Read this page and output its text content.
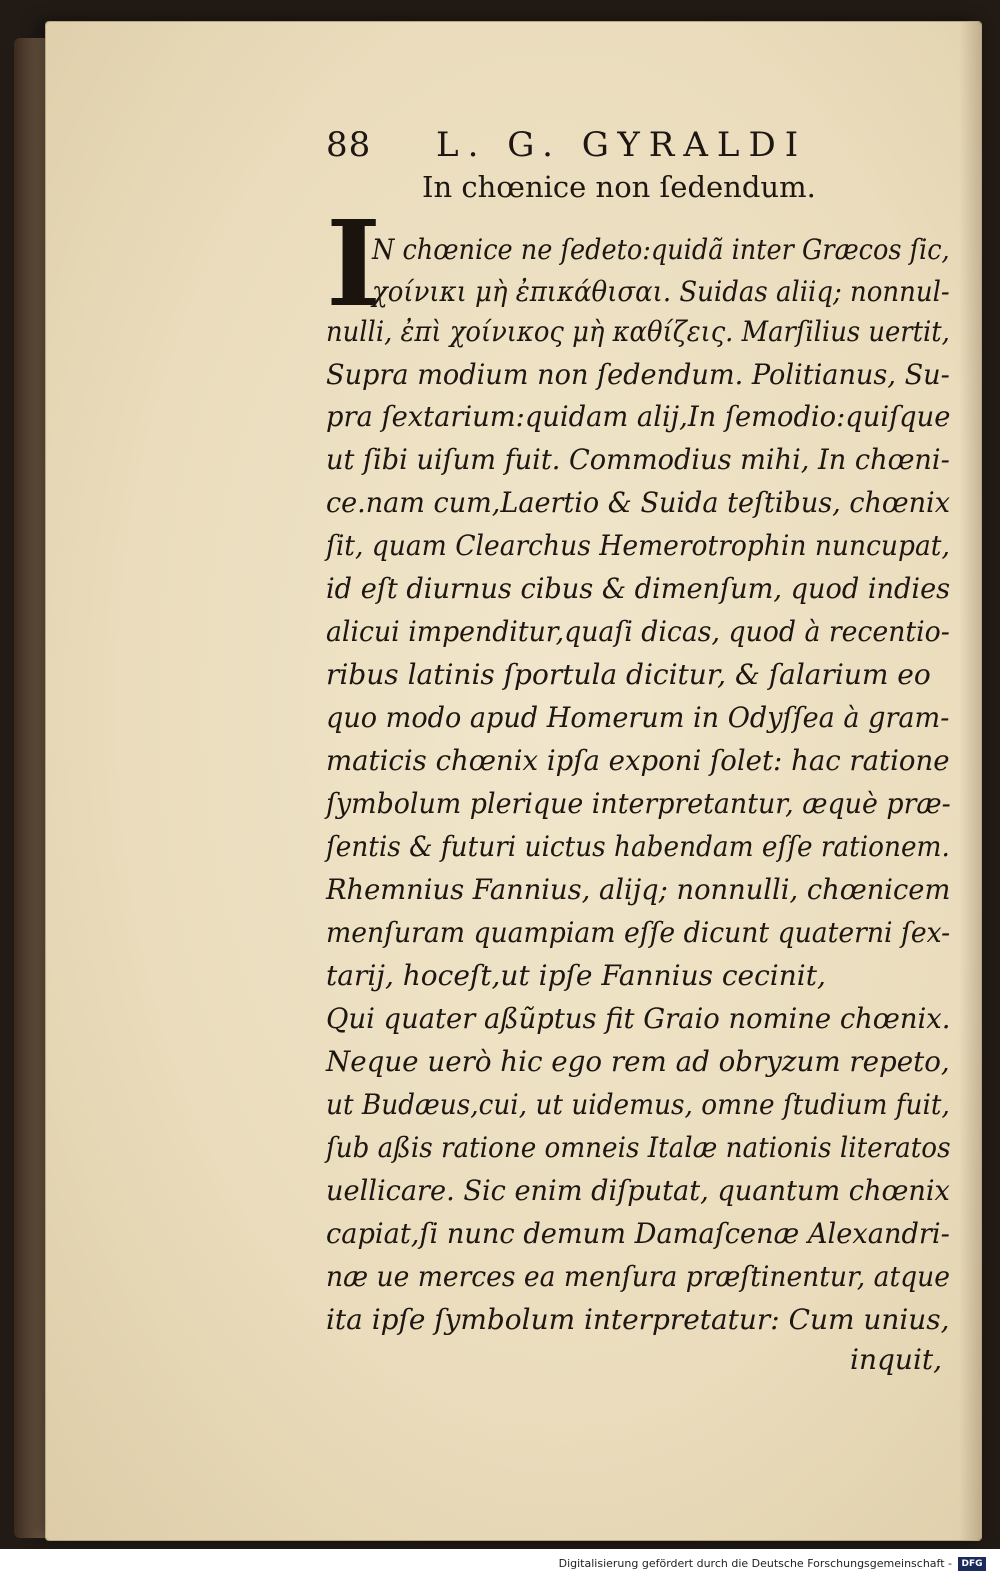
88 L. G. GYRALDI
In chœnice non ſedendum.
I
N chœnice ne ſedeto:quidã inter Græcos ſic,
χοίνικι μὴ ἐπικάθισαι. Suidas aliiq; nonnul-
nulli, ἐπὶ χοίνικος μὴ καθίζεις. Marſilius uertit,
Supra modium non ſedendum. Politianus, Su-
pra ſextarium:quidam alij,In ſemodio:quiſque
ut ſibi uiſum fuit. Commodius mihi, In chœni-
ce.nam cum,Laertio & Suida teſtibus, chœnix
ſit, quam Clearchus Hemerotrophin nuncupat,
id eſt diurnus cibus & dimenſum, quod indies
alicui impenditur,quaſi dicas, quod à recentio-
ribus latinis ſportula dicitur, & ſalarium eo
quo modo apud Homerum in Odyſſea à gram-
maticis chœnix ipſa exponi ſolet: hac ratione
ſymbolum plerique interpretantur, æquè præ-
ſentis & futuri uictus habendam eſſe rationem.
Rhemnius Fannius, alijq; nonnulli, chœnicem
menſuram quampiam eſſe dicunt quaterni ſex-
tarij, hoceſt,ut ipſe Fannius cecinit,
Qui quater aßũptus fit Graio nomine chœnix.
Neque uerò hic ego rem ad obryzum repeto,
ut Budæus,cui, ut uidemus, omne ſtudium fuit,
ſub aßis ratione omneis Italæ nationis literatos
uellicare. Sic enim diſputat, quantum chœnix
capiat,ſi nunc demum Damaſcenæ Alexandri-
næ ue merces ea menſura præſtinentur, atque
ita ipſe ſymbolum interpretatur: Cum unius,
inquit,
Digitalisierung gefördert durch die Deutsche Forschungsgemeinschaft -	DFG
